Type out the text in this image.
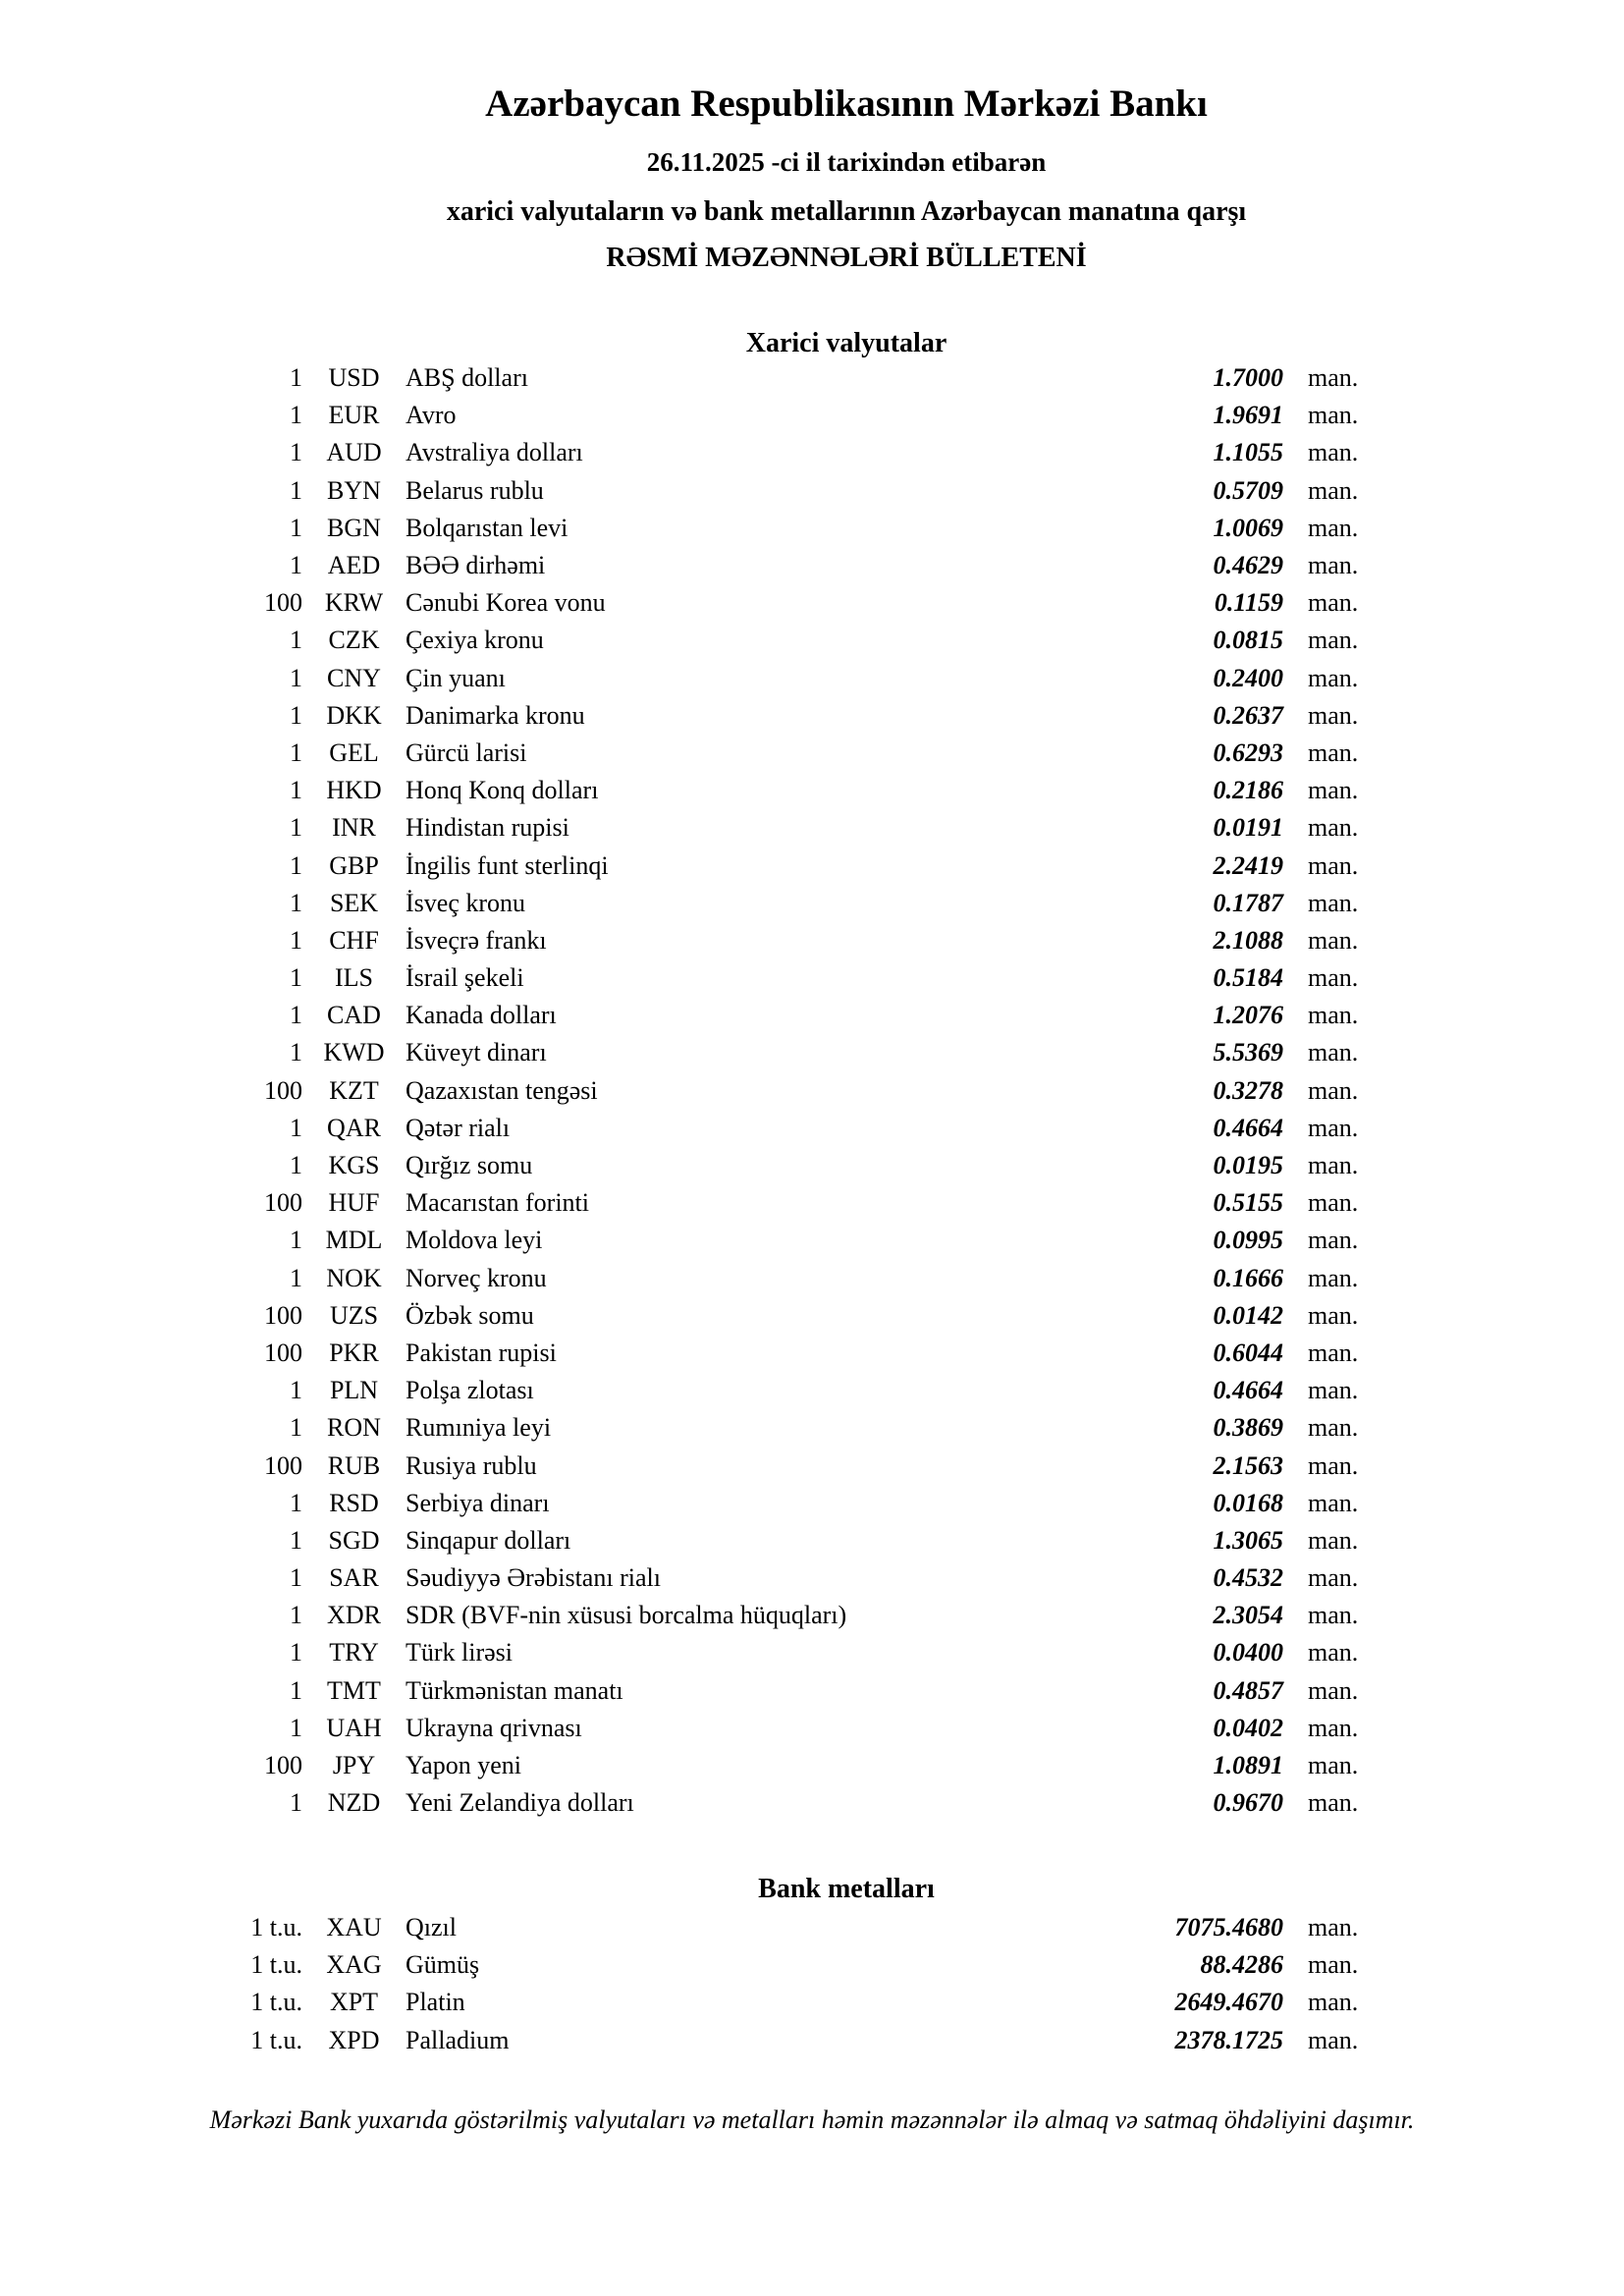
Azərbaycan Respublikasının Mərkəzi Bankı

26.11.2025 -ci il tarixindən etibarən

xarici valyutaların və bank metallarının Azərbaycan manatına qarşı

RƏSMİ MƏZƏNNƏLƏRİ BÜLLETENİ

Xarici valyutalar
1	USD	ABŞ dolları	1.7000 man.
1	EUR	Avro	1.9691 man.
1 AUD Avstraliya dolları	1.1055 man.
1 BYN Belarus rublu	0.5709 man.
1 BGN Bolqarıstan levi	1.0069 man.
1 AED BƏƏ dirhəmi	0.4629 man.
100 KRW Cənubi Korea vonu	0.1159 man.
1	CZK	Çexiya kronu	0.0815 man.
1 CNY Çin yuanı	0.2400 man.
1 DKK Danimarka kronu	0.2637 man.
1	GEL	Gürcü larisi	0.6293 man.
1 HKD Honq Konq dolları	0.2186 man.
1	INR	Hindistan rupisi	0.0191 man.
1	GBP	İngilis funt sterlinqi	2.2419 man.
1	SEK	İsveç kronu	0.1787 man.
1	CHF	İsveçrə frankı	2.1088 man.
1	ILS	İsrail şekeli	0.5184 man.
1 CAD Kanada dolları	1.2076 man.
1 KWD Küveyt dinarı	5.5369 man.
100	KZT	Qazaxıstan tengəsi	0.3278 man.
1 QAR Qətər rialı	0.4664 man.
1	KGS	Qırğız somu	0.0195 man.
100	HUF	Macarıstan forinti	0.5155 man.
1 MDL Moldova leyi	0.0995 man.
1 NOK Norveç kronu	0.1666 man.
100	UZS	Özbək somu	0.0142 man.
100	PKR	Pakistan rupisi	0.6044 man.
1	PLN	Polşa zlotası	0.4664 man.
1 RON Rumıniya leyi	0.3869 man.
100 RUB Rusiya rublu	2.1563 man.
1	RSD	Serbiya dinarı	0.0168 man.
1	SGD	Sinqapur dolları	1.3065 man.
1	SAR	Səudiyyə Ərəbistanı rialı	0.4532 man.
1 XDR SDR (BVF-nin xüsusi borcalma hüquqları)	2.3054 man.
1	TRY	Türk lirəsi	0.0400 man.
1 TMT Türkmənistan manatı	0.4857 man.
1 UAH Ukrayna qrivnası	0.0402 man.
100	JPY	Yapon yeni	1.0891 man.
1 NZD Yeni Zelandiya dolları	0.9670 man.
Bank metalları
1 t.u. XAU Qızıl	7075.4680 man.
1 t.u. XAG Gümüş	88.4286 man.
1 t.u.	XPT	Platin	2649.4670 man.
1 t.u.	XPD	Palladium	2378.1725 man.

Mərkəzi Bank yuxarıda göstərilmiş valyutaları və metalları həmin məzənnələr ilə almaq və satmaq öhdəliyini daşımır.
